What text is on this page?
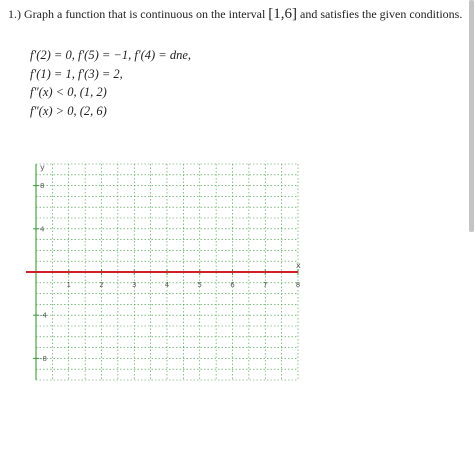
1.) Graph a function that is continuous on the interval [1,6] and satisfies the given conditions.
f′(2) = 0, f′(5) = −1, f′(4) = dne,
f′(1) = 1, f′(3) = 2,
f″(x) < 0, (1, 2)
f″(x) > 0, (2, 6)
1	2	3	4	5	6	7	8
8
4
-4
-8
x
y
